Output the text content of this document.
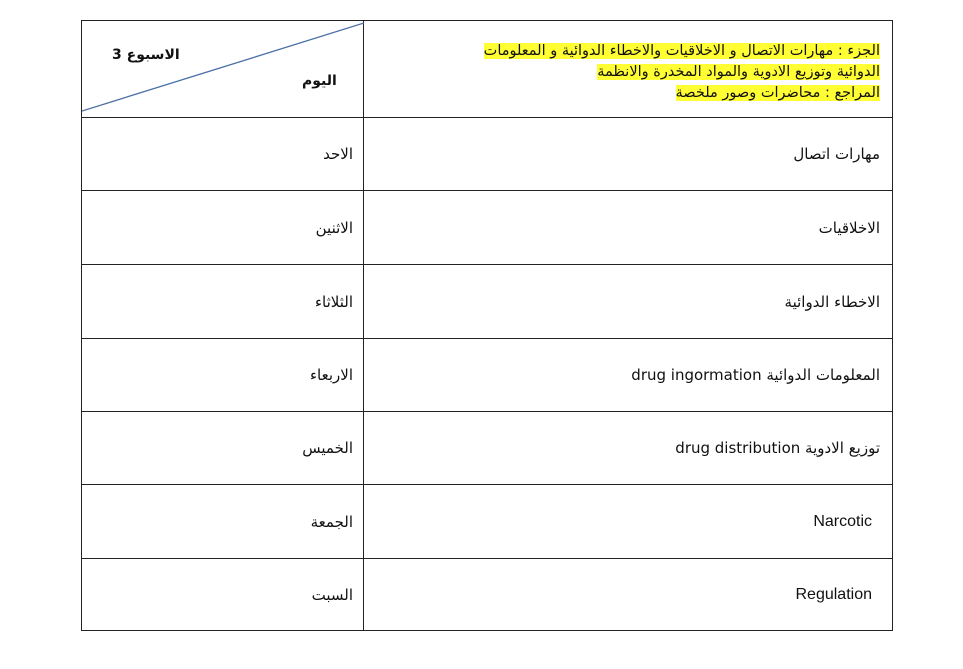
الاسبوع 3
اليوم
الجزء : مهارات الاتصال و الاخلاقيات والاخطاء الدوائية و المعلومات
الدوائية وتوزيع الادوية والمواد المخدرة والانظمة
المراجع : محاضرات وصور ملخصة
الاحد	مهارات اتصال
الاثنين	الاخلاقيات
الثلاثاء	الاخطاء الدوائية
الاربعاء	المعلومات الدوائية drug ingormation
الخميس	توزيع الادوية drug distribution
الجمعة	Narcotic
السبت	Regulation
